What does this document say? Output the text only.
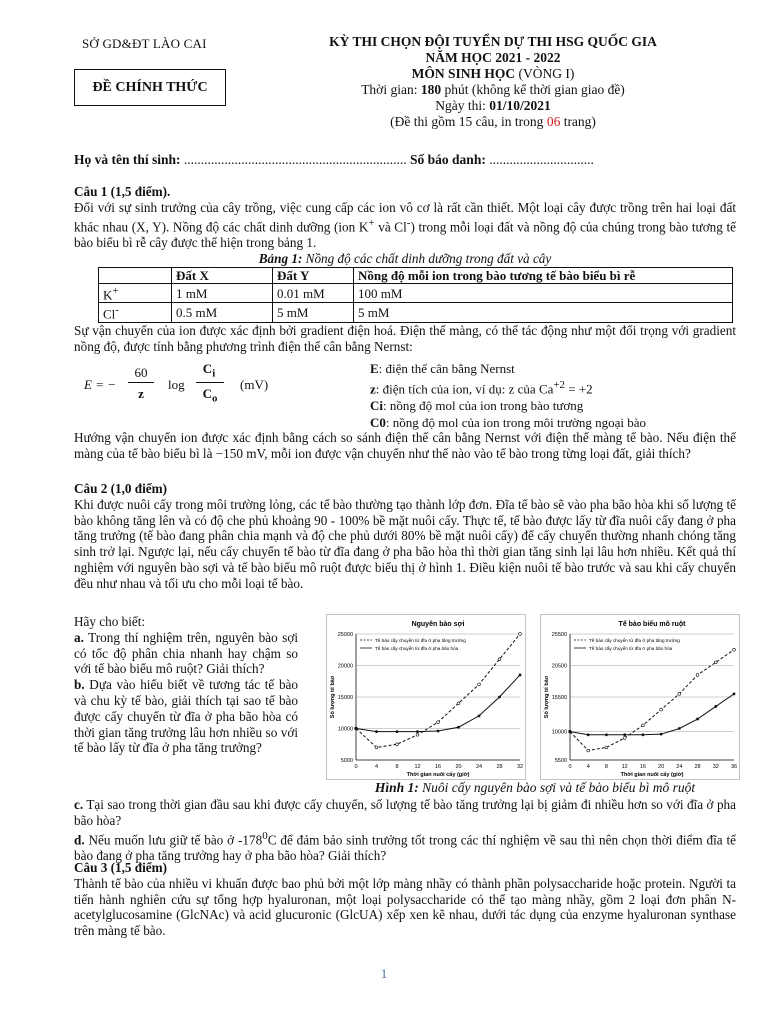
SỞ GD&ĐT LÀO CAI
ĐỀ CHÍNH THỨC
KỲ THI CHỌN ĐỘI TUYỂN DỰ THI HSG QUỐC GIA
NĂM HỌC 2021 - 2022
MÔN SINH HỌC (VÒNG I)
Thời gian: 180 phút (không kể thời gian giao đề)
Ngày thi: 01/10/2021
(Đề thi gồm 15 câu, in trong 06 trang)
Họ và tên thí sinh: .................................................................. Số báo danh: ...............................
Câu 1 (1,5 điểm).
Đối với sự sinh trưởng của cây trồng, việc cung cấp các ion vô cơ là rất cần thiết. Một loại cây được trồng trên hai loại đất khác nhau (X, Y). Nồng độ các chất dinh dưỡng (ion K+ và Cl-) trong mỗi loại đất và nồng độ của chúng trong bào tương tế bào biểu bì rễ cây được thể hiện trong bảng 1.
Bảng 1: Nồng độ các chất dinh dưỡng trong đất và cây
	Đất X	Đất Y	Nồng độ mỗi ion trong bào tương tế bào biểu bì rễ
K+	1 mM	0.01 mM	100 mM
Cl-	0.5 mM	5 mM	5 mM
Sự vận chuyển của ion được xác định bởi gradient điện hoá. Điện thế màng, có thể tác động như một đối trọng với gradient nồng độ, được tính bằng phương trình điện thế cân bằng Nernst:
E = −
60
z
log
$C_i$
$C_o$
(mV)
E: điện thế cân bằng Nernst
z: điện tích của ion, ví dụ: z của $Ca^{+2} = +2$
Ci: nồng độ mol của ion trong bào tương
C0: nồng độ mol của ion trong môi trường ngoại bào
Hướng vận chuyển ion được xác định bằng cách so sánh điện thế cân bằng Nernst với điện thế màng tế bào. Nếu điện thế màng của tế bào biểu bì là −150 mV, mỗi ion được vận chuyển như thế nào vào tế bào trong từng loại đất, giải thích?
Câu 2 (1,0 điểm)
Khi được nuôi cấy trong môi trường lỏng, các tế bào thường tạo thành lớp đơn. Đĩa tế bào sẽ vào pha bão hòa khi số lượng tế bào không tăng lên và có độ che phủ khoảng 90 - 100% bề mặt nuôi cấy. Thực tế, tế bào được lấy từ đĩa nuôi cấy đang ở pha tăng trưởng (tế bào đang phân chia mạnh và độ che phủ dưới 80% bề mặt nuôi cấy) để cấy chuyển thường nhanh chóng tăng sinh trở lại. Ngược lại, nếu cấy chuyển tế bào từ đĩa đang ở pha bão hòa thì thời gian tăng sinh lại lâu hơn nhiều. Kết quả thí nghiệm với nguyên bào sợi và tế bào biểu mô ruột được biểu thị ở hình 1. Điều kiện nuôi tế bào trước và sau khi cấy chuyển đều như nhau và tối ưu cho mỗi loại tế bào.
Hãy cho biết:
a. Trong thí nghiệm trên, nguyên bào sợi có tốc độ phân chia nhanh hay chậm so với tế bào biểu mô ruột? Giải thích?
b. Dựa vào hiểu biết về tương tác tế bào và chu kỳ tế bào, giải thích tại sao tế bào được cấy chuyển từ đĩa ở pha bão hòa có thời gian tăng trưởng lâu hơn nhiều so với tế bào lấy từ đĩa ở pha tăng trưởng?
Nguyên bào sợi
5000
10000
15000
20000
25000
0	4	8	12	16	20	24	28	32
Thời gian nuôi cấy (giờ)
Số lượng tế bào
Tế bào cấy chuyển từ đĩa ở pha tăng trưởng
Tế bào cấy chuyển từ đĩa ở pha bão hòa
Tế bào biểu mô ruột
5500
10000
15500
20500
25500
0	4	8 12 16 20 24 28 32 36
Thời gian nuôi cấy (giờ)
Số lượng tế bào
Tế bào cấy chuyển từ đĩa ở pha tăng trưởng
Tế bào cấy chuyển từ đĩa ở pha bão hòa
Hình 1: Nuôi cấy nguyên bào sợi và tế bào biểu bì mô ruột
c. Tại sao trong thời gian đầu sau khi được cấy chuyển, số lượng tế bào tăng trưởng lại bị giảm đi nhiều hơn so với đĩa ở pha bão hòa?
d. Nếu muốn lưu giữ tế bào ở $-178^0C$ để đảm bảo sinh trưởng tốt trong các thí nghiệm về sau thì nên chọn thời điểm đĩa tế bào đang ở pha tăng trưởng hay ở pha bão hòa? Giải thích?
Câu 3 (1,5 điểm)
Thành tế bào của nhiều vi khuẩn được bao phủ bởi một lớp màng nhầy có thành phần polysaccharide hoặc protein. Người ta tiến hành nghiên cứu sự tổng hợp hyaluronan, một loại polysaccharide có thể tạo màng nhầy, gồm 2 loại đơn phân N-acetylglucosamine (GlcNAc) và acid glucuronic (GlcUA) xếp xen kẽ nhau, dưới tác dụng của enzyme hyaluronan synthase trên màng tế bào.
1
